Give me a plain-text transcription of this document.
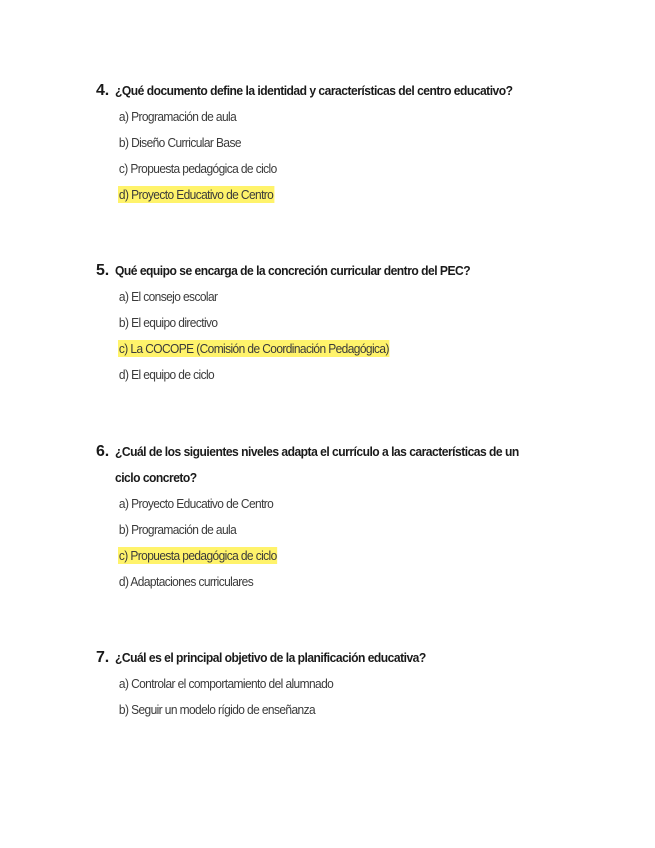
4. ¿Qué documento define la identidad y características del centro educativo?
a) Programación de aula
b) Diseño Curricular Base
c) Propuesta pedagógica de ciclo
d) Proyecto Educativo de Centro
5. Qué equipo se encarga de la concreción curricular dentro del PEC?
a) El consejo escolar
b) El equipo directivo
c) La COCOPE (Comisión de Coordinación Pedagógica)
d) El equipo de ciclo
6. ¿Cuál de los siguientes niveles adapta el currículo a las características de un ciclo concreto?
a) Proyecto Educativo de Centro
b) Programación de aula
c) Propuesta pedagógica de ciclo
d) Adaptaciones curriculares
7. ¿Cuál es el principal objetivo de la planificación educativa?
a) Controlar el comportamiento del alumnado
b) Seguir un modelo rígido de enseñanza
